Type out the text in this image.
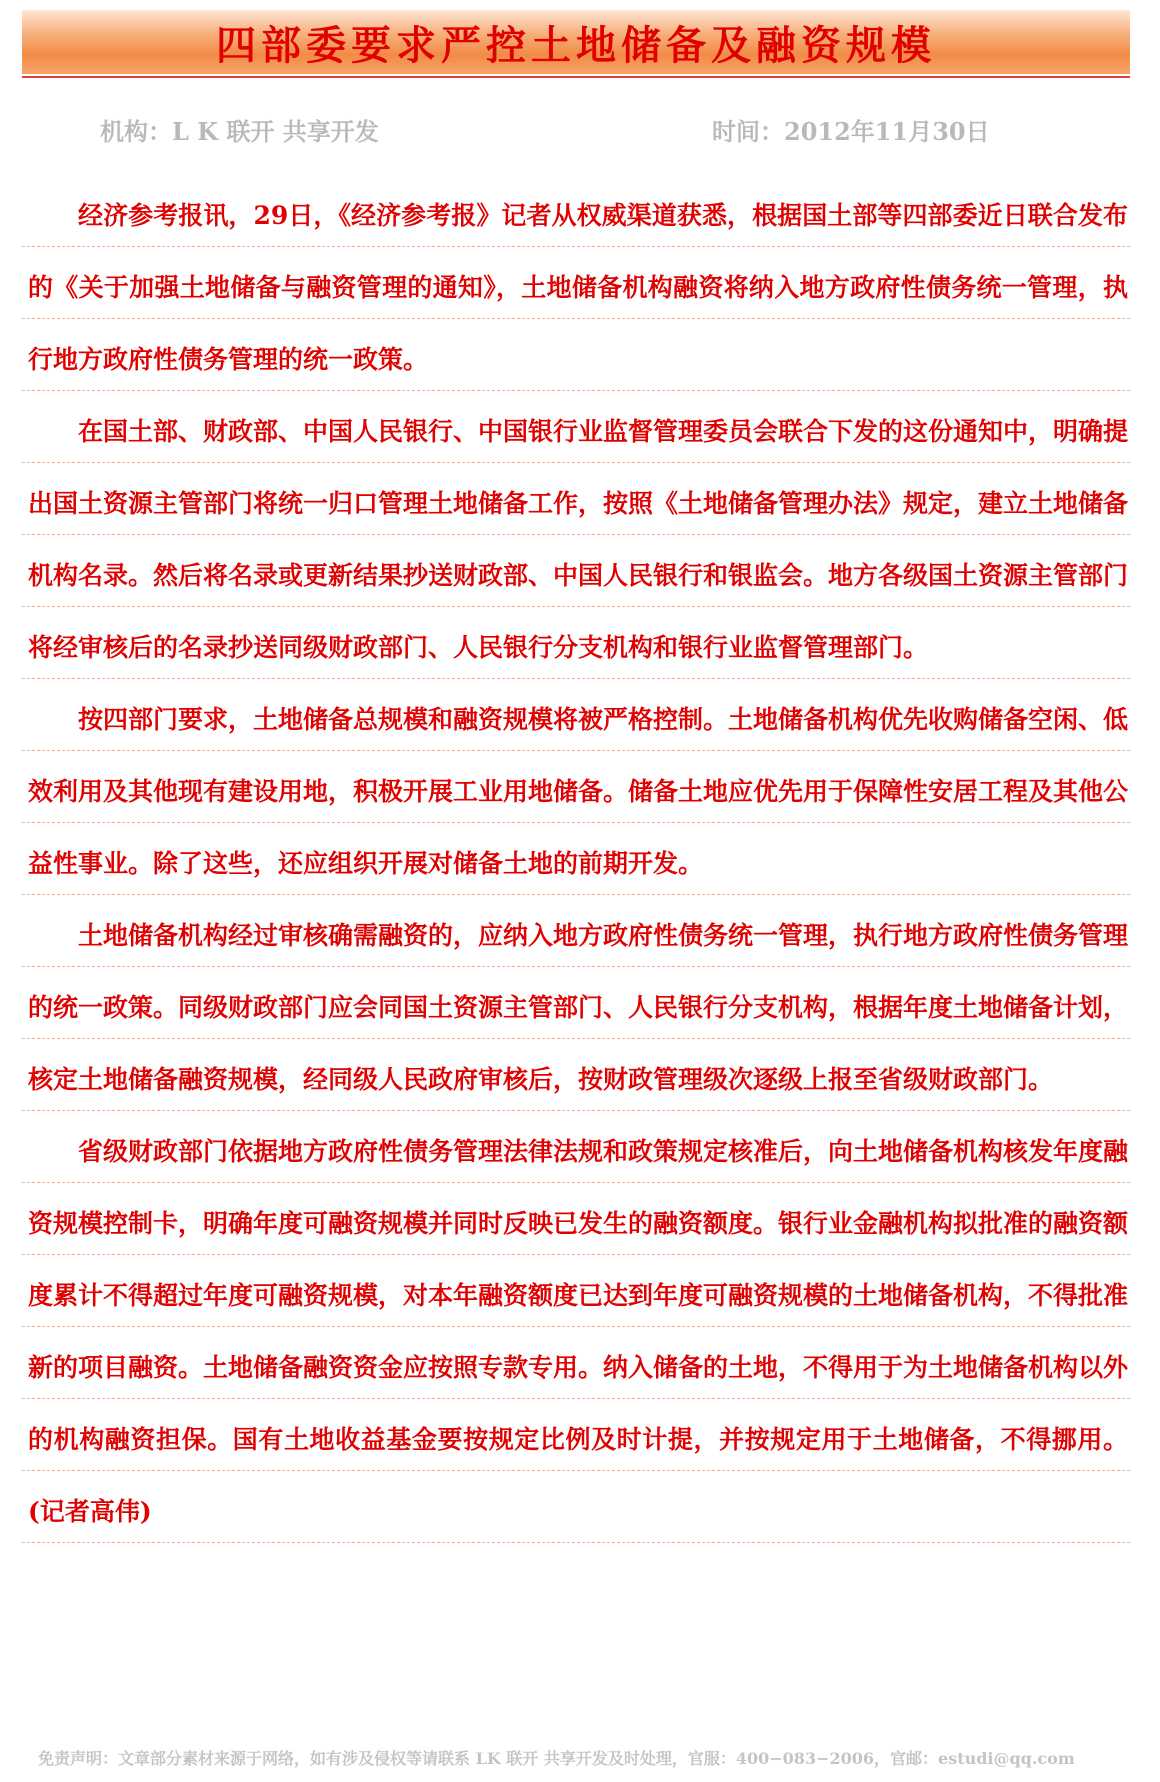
四部委要求严控土地储备及融资规模
机构：L K 联开 共享开发	时间：2012年11月30日

经济参考报讯，29日，《经济参考报》记者从权威渠道获悉，根据国土部等四部委近日联合发布的《关于加强土地储备与融资管理的通知》，土地储备机构融资将纳入地方政府性债务统一管理，执行地方政府性债务管理的统一政策。

在国土部、财政部、中国人民银行、中国银行业监督管理委员会联合下发的这份通知中，明确提出国土资源主管部门将统一归口管理土地储备工作，按照《土地储备管理办法》规定，建立土地储备机构名录。然后将名录或更新结果抄送财政部、中国人民银行和银监会。地方各级国土资源主管部门将经审核后的名录抄送同级财政部门、人民银行分支机构和银行业监督管理部门。

按四部门要求，土地储备总规模和融资规模将被严格控制。土地储备机构优先收购储备空闲、低效利用及其他现有建设用地，积极开展工业用地储备。储备土地应优先用于保障性安居工程及其他公益性事业。除了这些，还应组织开展对储备土地的前期开发。

土地储备机构经过审核确需融资的，应纳入地方政府性债务统一管理，执行地方政府性债务管理的统一政策。同级财政部门应会同国土资源主管部门、人民银行分支机构，根据年度土地储备计划，核定土地储备融资规模，经同级人民政府审核后，按财政管理级次逐级上报至省级财政部门。

省级财政部门依据地方政府性债务管理法律法规和政策规定核准后，向土地储备机构核发年度融资规模控制卡，明确年度可融资规模并同时反映已发生的融资额度。银行业金融机构拟批准的融资额度累计不得超过年度可融资规模，对本年融资额度已达到年度可融资规模的土地储备机构，不得批准新的项目融资。土地储备融资资金应按照专款专用。纳入储备的土地，不得用于为土地储备机构以外的机构融资担保。国有土地收益基金要按规定比例及时计提，并按规定用于土地储备，不得挪用。(记者高伟)

免责声明：文章部分素材来源于网络，如有涉及侵权等请联系 LK 联开 共享开发及时处理，官服：400−083−2006，官邮：estudi@qq.com
